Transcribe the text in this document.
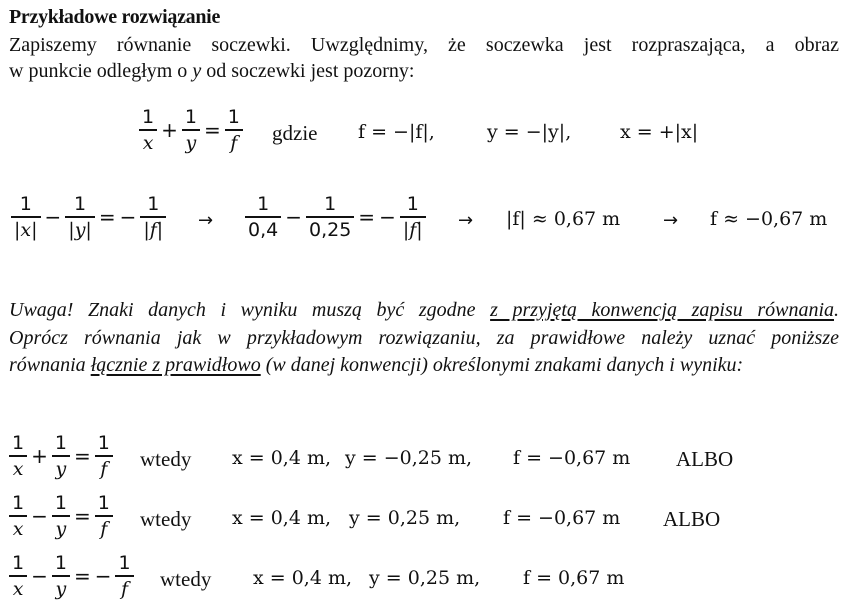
Przykładowe rozwiązanie
Zapiszemy równanie soczewki. Uwzględnimy, że soczewka jest rozpraszająca, a obraz
w punkcie odległym o y od soczewki jest pozorny:
$\frac{1}{x} + \frac{1}{y} = \frac{1}{f}$ gdzie f = −|f|,	y = −|y|,	x = +|x|
$\frac{1}{|x|} - \frac{1}{|y|}$ = − $\frac{1}{|f|} \to \frac{1}{0,4} - \frac{1}{0,25}$ = − $\frac{1}{|f|} \to |f| \approx 0,67$ m → f ≈ −0,67 m
Uwaga! Znaki danych i wyniku muszą być zgodne z przyjętą konwencją zapisu równania.
Oprócz równania jak w przykładowym rozwiązaniu, za prawidłowe należy uznać poniższe
równania łącznie z prawidłowo (w danej konwencji) określonymi znakami danych i wyniku:
$\frac{1}{x} + \frac{1}{y} = \frac{1}{f}$ wtedy x = 0,4 m, y = −0,25 m, f = −0,67 m ALBO
$\frac{1}{x} - \frac{1}{y} = \frac{1}{f}$ wtedy x = 0,4 m, y = 0,25 m, f = −0,67 m ALBO
$\frac{1}{x} - \frac{1}{y}$ = − $\frac{1}{f}$ wtedy x = 0,4 m, y = 0,25 m, f = 0,67 m
